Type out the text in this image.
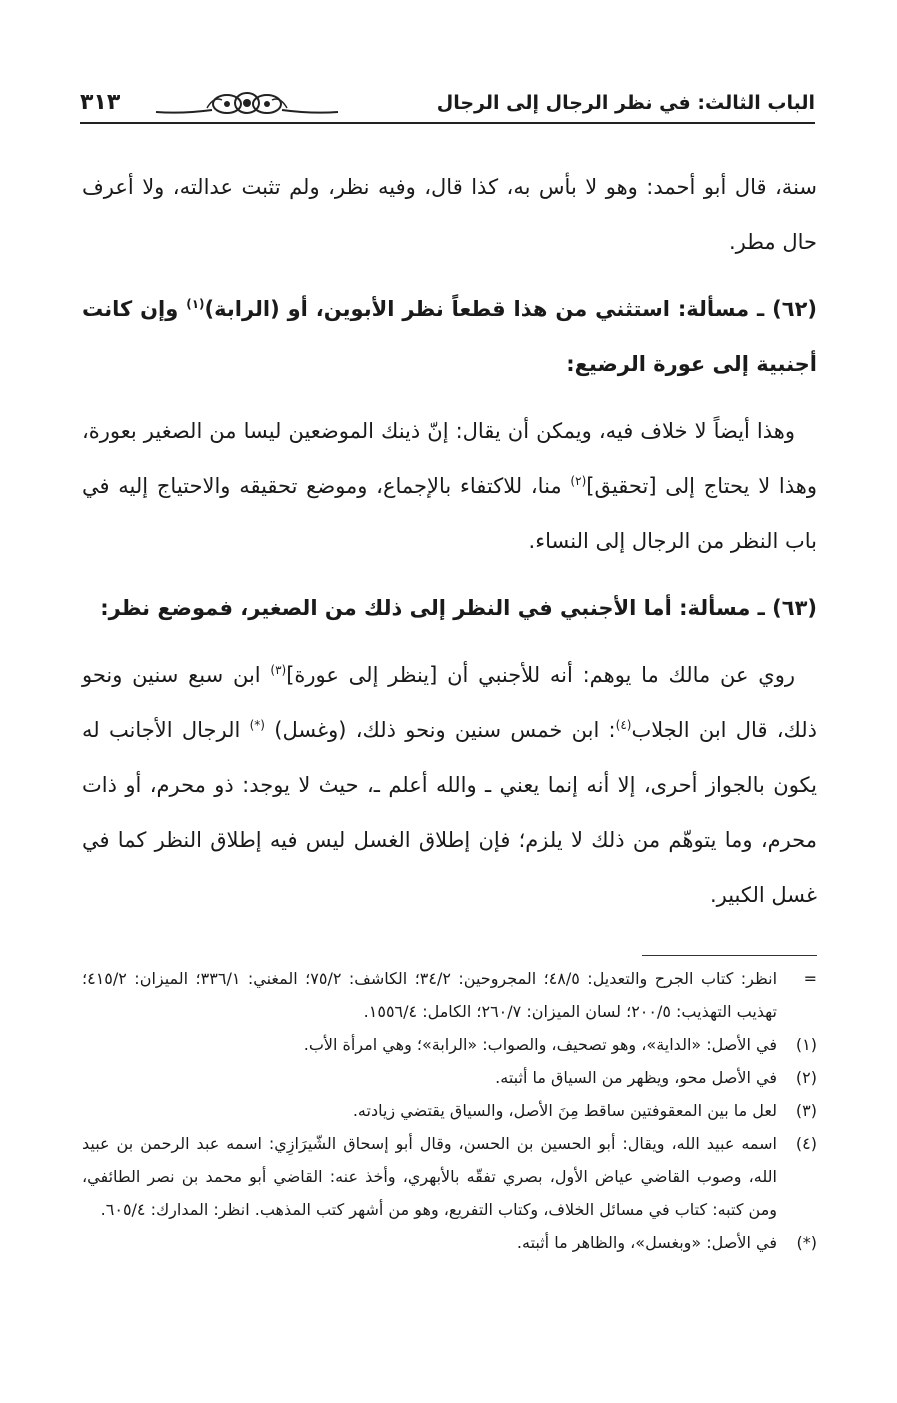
الباب الثالث: في نظر الرجال إلى الرجال
٣١٣

سنة، قال أبو أحمد: وهو لا بأس به، كذا قال، وفيه نظر، ولم تثبت عدالته، ولا أعرف حال مطر.

(٦٢) ـ مسألة: استثني من هذا قطعاً نظر الأبوين، أو (الرابة)$^{(١)}$ وإن كانت أجنبية إلى عورة الرضيع:

وهذا أيضاً لا خلاف فيه، ويمكن أن يقال: إنّ ذينك الموضعين ليسا من الصغير بعورة، وهذا لا يحتاج إلى [تحقيق]$^{(٢)}$ منا، للاكتفاء بالإجماع، وموضع تحقيقه والاحتياج إليه في باب النظر من الرجال إلى النساء.

(٦٣) ـ مسألة: أما الأجنبي في النظر إلى ذلك من الصغير، فموضع نظر:

روي عن مالك ما يوهم: أنه للأجنبي أن [ينظر إلى عورة]$^{(٣)}$ ابن سبع سنين ونحو ذلك، قال ابن الجلاب$^{(٤)}$: ابن خمس سنين ونحو ذلك، (وغسل) (*) الرجال الأجانب له يكون بالجواز أحرى، إلا أنه إنما يعني ـ والله أعلم ـ، حيث لا يوجد: ذو محرم، أو ذات محرم، وما يتوهّم من ذلك لا يلزم؛ فإن إطلاق الغسل ليس فيه إطلاق النظر كما في غسل الكبير.

=
انظر: كتاب الجرح والتعديل: ٤٨/٥؛ المجروحين: ٣٤/٢؛ الكاشف: ٧٥/٢؛ المغني: ٣٣٦/١؛ الميزان: ٤١٥/٢؛ تهذيب التهذيب: ٢٠٠/٥؛ لسان الميزان: ٢٦٠/٧؛ الكامل: ١٥٥٦/٤.
(١)
في الأصل: «الداية»، وهو تصحيف، والصواب: «الرابة»؛ وهي امرأة الأب.
(٢)
في الأصل محو، ويظهر من السياق ما أثبته.
(٣)
لعل ما بين المعقوفتين ساقط مِنَ الأصل، والسياق يقتضي زيادته.
(٤)
اسمه عبيد الله، ويقال: أبو الحسين بن الحسن، وقال أبو إسحاق الشّيرَازِي: اسمه عبد الرحمن بن عبيد الله، وصوب القاضي عياض الأول، بصري تفقّه بالأبهري، وأخذ عنه: القاضي أبو محمد بن نصر الطائفي، ومن كتبه: كتاب في مسائل الخلاف، وكتاب التفريع، وهو من أشهر كتب المذهب. انظر: المدارك: ٦٠٥/٤.
(*)
في الأصل: «وبغسل»، والظاهر ما أثبته.
